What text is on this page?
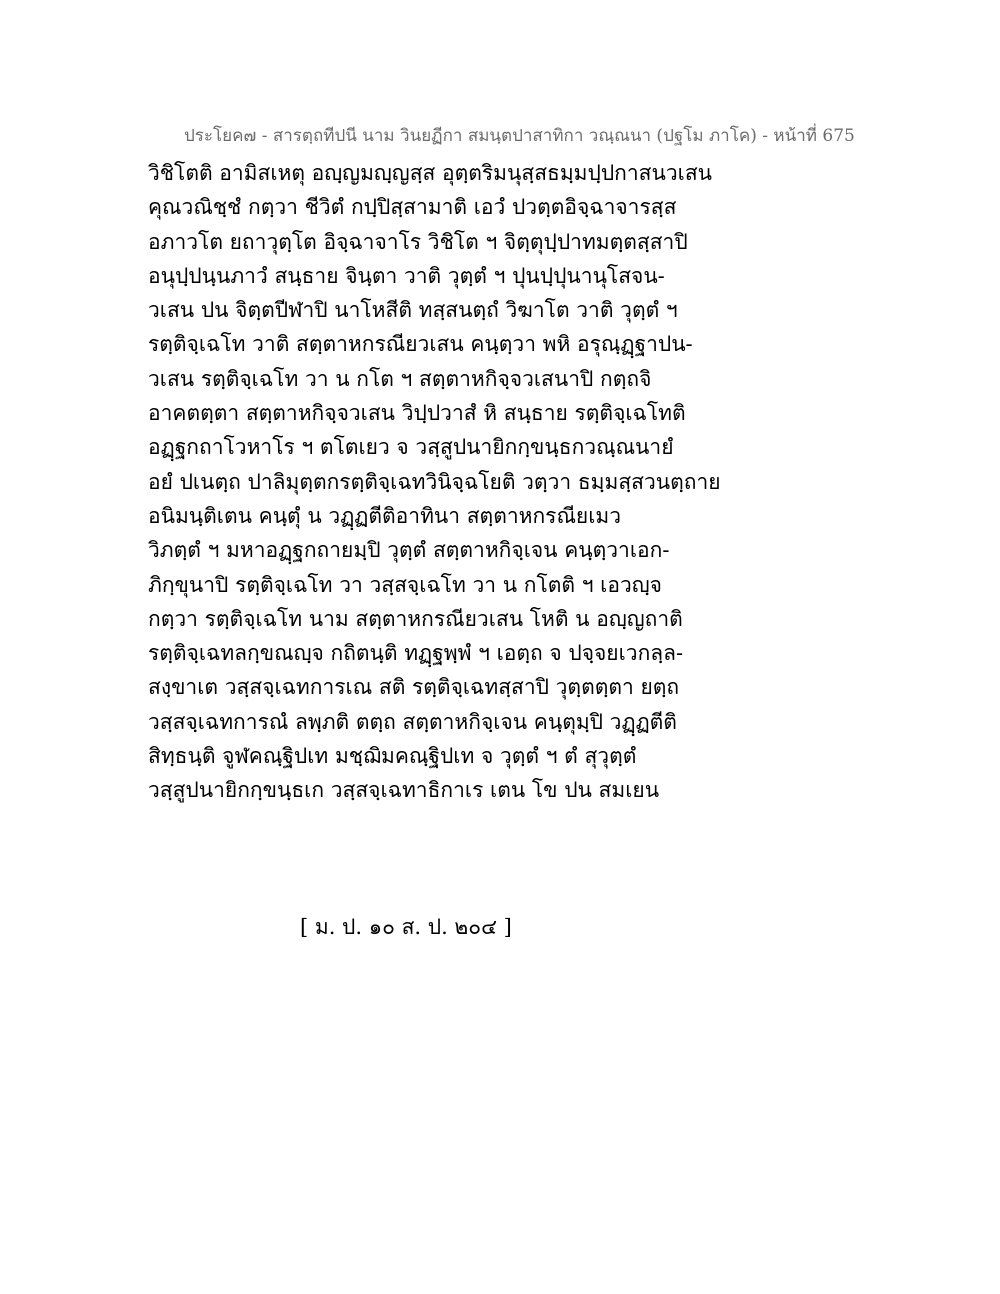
ประโยค๗ - สารตฺถทีปนี นาม วินยฏีกา สมนฺตปาสาทิกา วณฺณนา (ปฐโม ภาโค) - หน้าที่ 675
วิชิโตติ อามิสเหตุ อญฺญมญฺญสฺส อุตฺตริมนุสฺสธมฺมปฺปกาสนวเสน
คุณวณิชฺชํ กตฺวา ชีวิตํ กปฺปิสฺสามาติ เอวํ ปวตฺตอิจฺฉาจารสฺส
อภาวโต ยถาวุตฺโต อิจฺฉาจาโร วิชิโต ฯ จิตฺตุปฺปาทมตฺตสฺสาปิ
อนุปฺปนฺนภาวํ สนฺธาย จินฺตา วาติ วุตฺตํ ฯ ปุนปฺปุนานุโสจน-
วเสน ปน จิตฺตปีฬาปิ นาโหสีติ ทสฺสนตฺถํ วิฆาโต วาติ วุตฺตํ ฯ
รตฺติจฺเฉโท วาติ สตฺตาหกรณียวเสน คนฺตฺวา พหิ อรุณฺฏฺฐาปน-
วเสน รตฺติจฺเฉโท วา น กโต ฯ สตฺตาหกิจฺจวเสนาปิ กตฺถจิ
อาคตตฺตา สตฺตาหกิจฺจวเสน วิปฺปวาสํ หิ สนฺธาย รตฺติจฺเฉโทติ
อฏฺฐกถาโวหาโร ฯ ตโตเยว จ วสฺสูปนายิกกฺขนฺธกวณฺณนายํ
อยํ ปเนตฺถ ปาลิมุตฺตกรตฺติจฺเฉทวินิจฺฉโยติ วตฺวา ธมฺมสฺสวนตฺถาย
อนิมนฺติเตน คนฺตุํ น วฏฺฏตีติอาทินา สตฺตาหกรณียเมว
วิภตฺตํ ฯ มหาอฏฺฐกถายมฺปิ วุตฺตํ สตฺตาหกิจฺเจน คนฺตฺวาเอก-
ภิกฺขุนาปิ รตฺติจฺเฉโท วา วสฺสจฺเฉโท วา น กโตติ ฯ เอวญฺจ
กตฺวา รตฺติจฺเฉโท นาม สตฺตาหกรณียวเสน โหติ น อญฺญถาติ
รตฺติจฺเฉทลกฺขณญฺจ กถิตนฺติ ทฏฺฐพฺพํ ฯ เอตฺถ จ ปจฺจยเวกลฺล-
สงฺขาเต วสฺสจฺเฉทการเณ สติ รตฺติจฺเฉทสฺสาปิ วุตฺตตฺตา ยตฺถ
วสฺสจฺเฉทการณํ ลพฺภติ ตตฺถ สตฺตาหกิจฺเจน คนฺตุมฺปิ วฏฺฏตีติ
สิทฺธนฺติ จูฬคณฺฐิปเท มชฺฌิมคณฺฐิปเท จ วุตฺตํ ฯ ตํ สุวุตฺตํ
วสฺสูปนายิกกฺขนฺธเก วสฺสจฺเฉทาธิกาเร เตน โข ปน สมเยน
[ ม. ป. ๑๐ ส. ป. ๒๐๔ ]
